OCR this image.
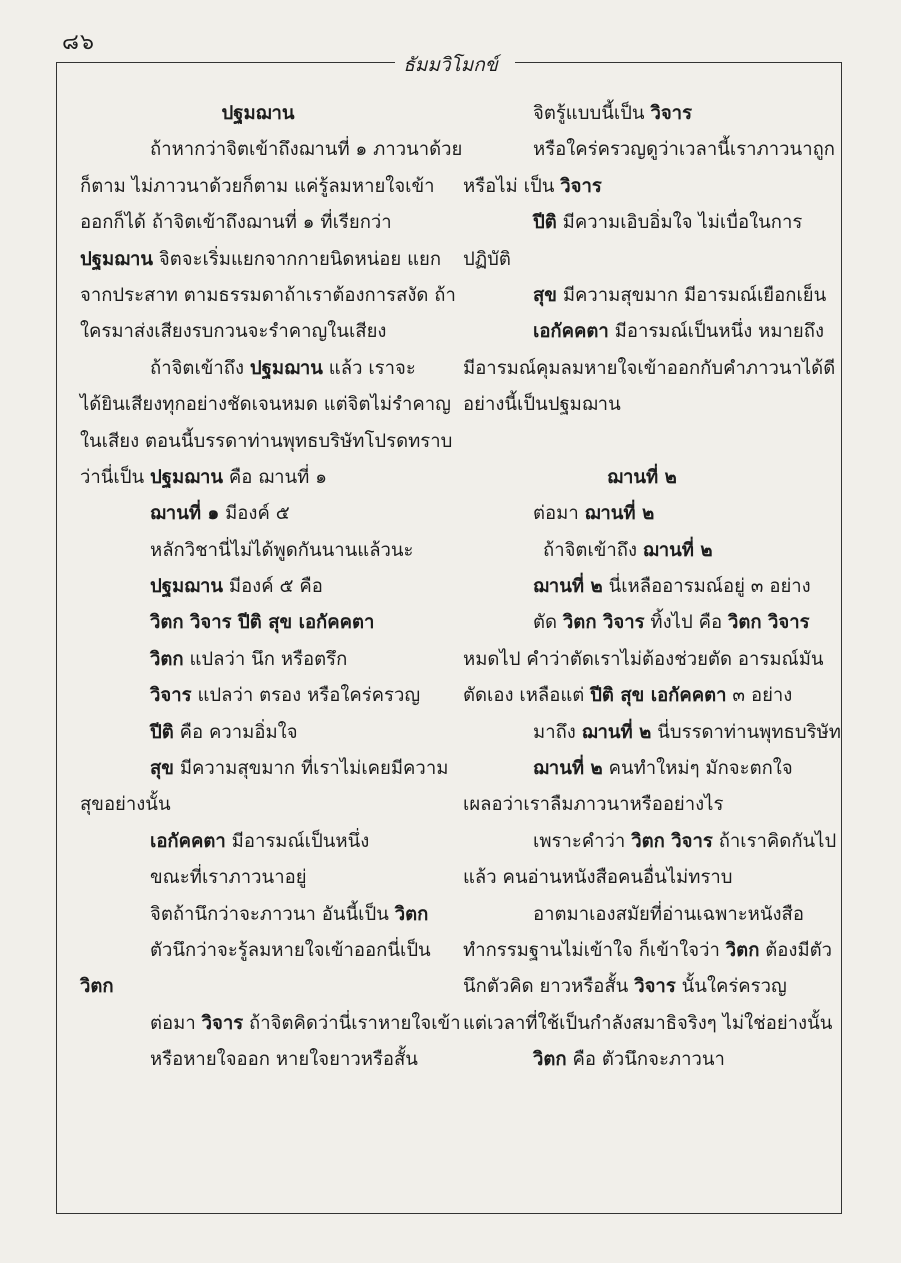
๘๖
ธัมมวิโมกข์
ปฐมฌาน
ถ้าหากว่าจิตเข้าถึงฌานที่ ๑ ภาวนาด้วย
ก็ตาม ไม่ภาวนาด้วยก็ตาม แค่รู้ลมหายใจเข้า
ออกก็ได้ ถ้าจิตเข้าถึงฌานที่ ๑ ที่เรียกว่า
ปฐมฌาน จิตจะเริ่มแยกจากกายนิดหน่อย แยก
จากประสาท ตามธรรมดาถ้าเราต้องการสงัด ถ้า
ใครมาส่งเสียงรบกวนจะรำคาญในเสียง
ถ้าจิตเข้าถึง ปฐมฌาน แล้ว เราจะ
ได้ยินเสียงทุกอย่างชัดเจนหมด แต่จิตไม่รำคาญ
ในเสียง ตอนนี้บรรดาท่านพุทธบริษัทโปรดทราบ
ว่านี่เป็น ปฐมฌาน คือ ฌานที่ ๑
ฌานที่ ๑ มีองค์ ๕
หลักวิชานี่ไม่ได้พูดกันนานแล้วนะ
ปฐมฌาน มีองค์ ๕ คือ
วิตก วิจาร ปีติ สุข เอกัคคตา
วิตก แปลว่า นึก หรือตรึก
วิจาร แปลว่า ตรอง หรือใคร่ครวญ
ปีติ คือ ความอิ่มใจ
สุข มีความสุขมาก ที่เราไม่เคยมีความ
สุขอย่างนั้น
เอกัคคตา มีอารมณ์เป็นหนึ่ง
ขณะที่เราภาวนาอยู่
จิตถ้านึกว่าจะภาวนา อันนี้เป็น วิตก
ตัวนึกว่าจะรู้ลมหายใจเข้าออกนี่เป็น
วิตก
ต่อมา วิจาร ถ้าจิตคิดว่านี่เราหายใจเข้า
หรือหายใจออก หายใจยาวหรือสั้น
จิตรู้แบบนี้เป็น วิจาร
หรือใคร่ครวญดูว่าเวลานี้เราภาวนาถูก
หรือไม่ เป็น วิจาร
ปีติ มีความเอิบอิ่มใจ ไม่เบื่อในการ
ปฏิบัติ
สุข มีความสุขมาก มีอารมณ์เยือกเย็น
เอกัคคตา มีอารมณ์เป็นหนึ่ง หมายถึง
มีอารมณ์คุมลมหายใจเข้าออกกับคำภาวนาได้ดี
อย่างนี้เป็นปฐมฌาน
ฌานที่ ๒
ต่อมา ฌานที่ ๒
ถ้าจิตเข้าถึง ฌานที่ ๒
ฌานที่ ๒ นี่เหลืออารมณ์อยู่ ๓ อย่าง
ตัด วิตก วิจาร ทิ้งไป คือ วิตก วิจาร
หมดไป คำว่าตัดเราไม่ต้องช่วยตัด อารมณ์มัน
ตัดเอง เหลือแต่ ปีติ สุข เอกัคคตา ๓ อย่าง
มาถึง ฌานที่ ๒ นี่บรรดาท่านพุทธบริษัท
ฌานที่ ๒ คนทำใหม่ๆ มักจะตกใจ
เผลอว่าเราลืมภาวนาหรืออย่างไร
เพราะคำว่า วิตก วิจาร ถ้าเราคิดกันไป
แล้ว คนอ่านหนังสือคนอื่นไม่ทราบ
อาตมาเองสมัยที่อ่านเฉพาะหนังสือ
ทำกรรมฐานไม่เข้าใจ ก็เข้าใจว่า วิตก ต้องมีตัว
นึกตัวคิด ยาวหรือสั้น วิจาร นั้นใคร่ครวญ
แต่เวลาที่ใช้เป็นกำลังสมาธิจริงๆ ไม่ใช่อย่างนั้น
วิตก คือ ตัวนึกจะภาวนา
